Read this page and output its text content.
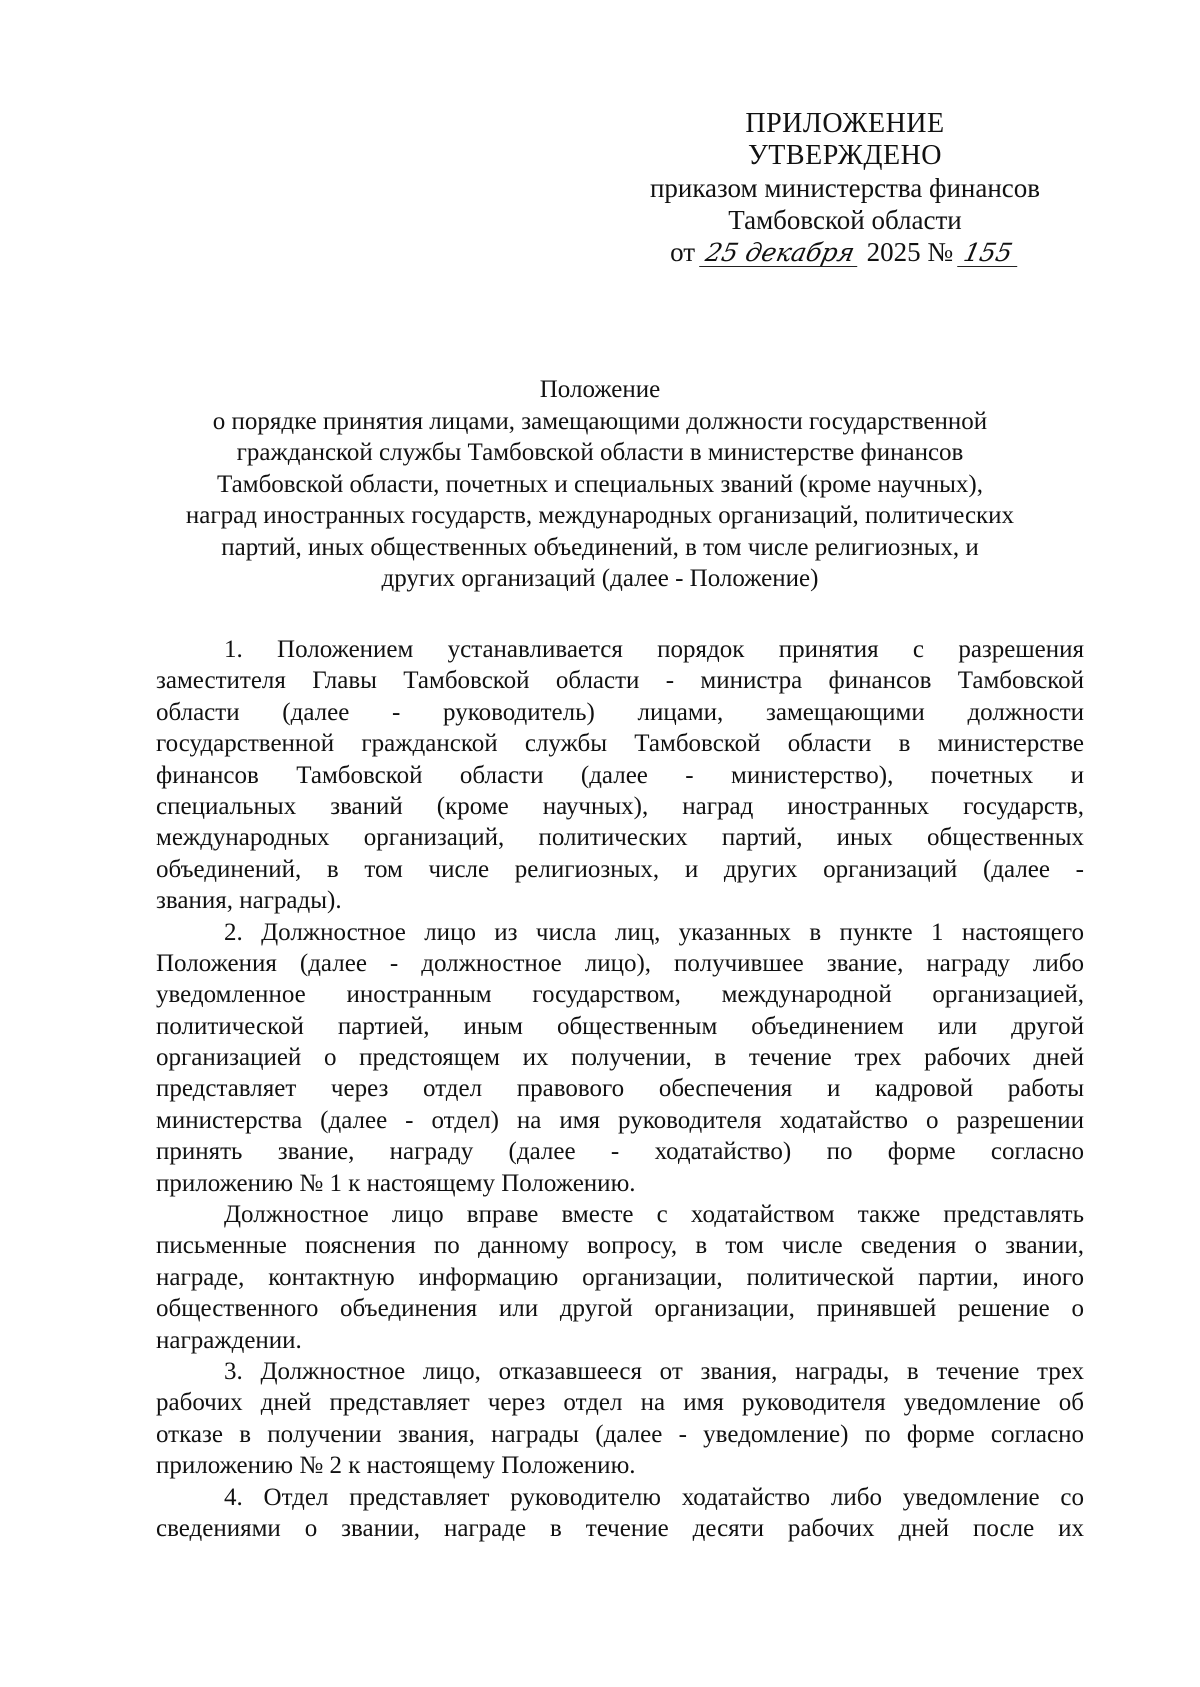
ПРИЛОЖЕНИЕ
УТВЕРЖДЕНО
приказом министерства финансов
Тамбовской области
от 25 декабря 2025 № 155
Положение
о порядке принятия лицами, замещающими должности государственной
гражданской службы Тамбовской области в министерстве финансов
Тамбовской области, почетных и специальных званий (кроме научных),
наград иностранных государств, международных организаций, политических
партий, иных общественных объединений, в том числе религиозных, и
других организаций (далее - Положение)
1. Положением устанавливается порядок принятия с разрешения
заместителя Главы Тамбовской области - министра финансов Тамбовской
области (далее - руководитель) лицами, замещающими должности
государственной гражданской службы Тамбовской области в министерстве
финансов Тамбовской области (далее - министерство), почетных и
специальных званий (кроме научных), наград иностранных государств,
международных организаций, политических партий, иных общественных
объединений, в том числе религиозных, и других организаций (далее -
звания, награды).
2. Должностное лицо из числа лиц, указанных в пункте 1 настоящего
Положения (далее - должностное лицо), получившее звание, награду либо
уведомленное иностранным государством, международной организацией,
политической партией, иным общественным объединением или другой
организацией о предстоящем их получении, в течение трех рабочих дней
представляет через отдел правового обеспечения и кадровой работы
министерства (далее - отдел) на имя руководителя ходатайство о разрешении
принять звание, награду (далее - ходатайство) по форме согласно
приложению № 1 к настоящему Положению.
Должностное лицо вправе вместе с ходатайством также представлять
письменные пояснения по данному вопросу, в том числе сведения о звании,
награде, контактную информацию организации, политической партии, иного
общественного объединения или другой организации, принявшей решение о
награждении.
3. Должностное лицо, отказавшееся от звания, награды, в течение трех
рабочих дней представляет через отдел на имя руководителя уведомление об
отказе в получении звания, награды (далее - уведомление) по форме согласно
приложению № 2 к настоящему Положению.
4. Отдел представляет руководителю ходатайство либо уведомление со
сведениями о звании, награде в течение десяти рабочих дней после их
